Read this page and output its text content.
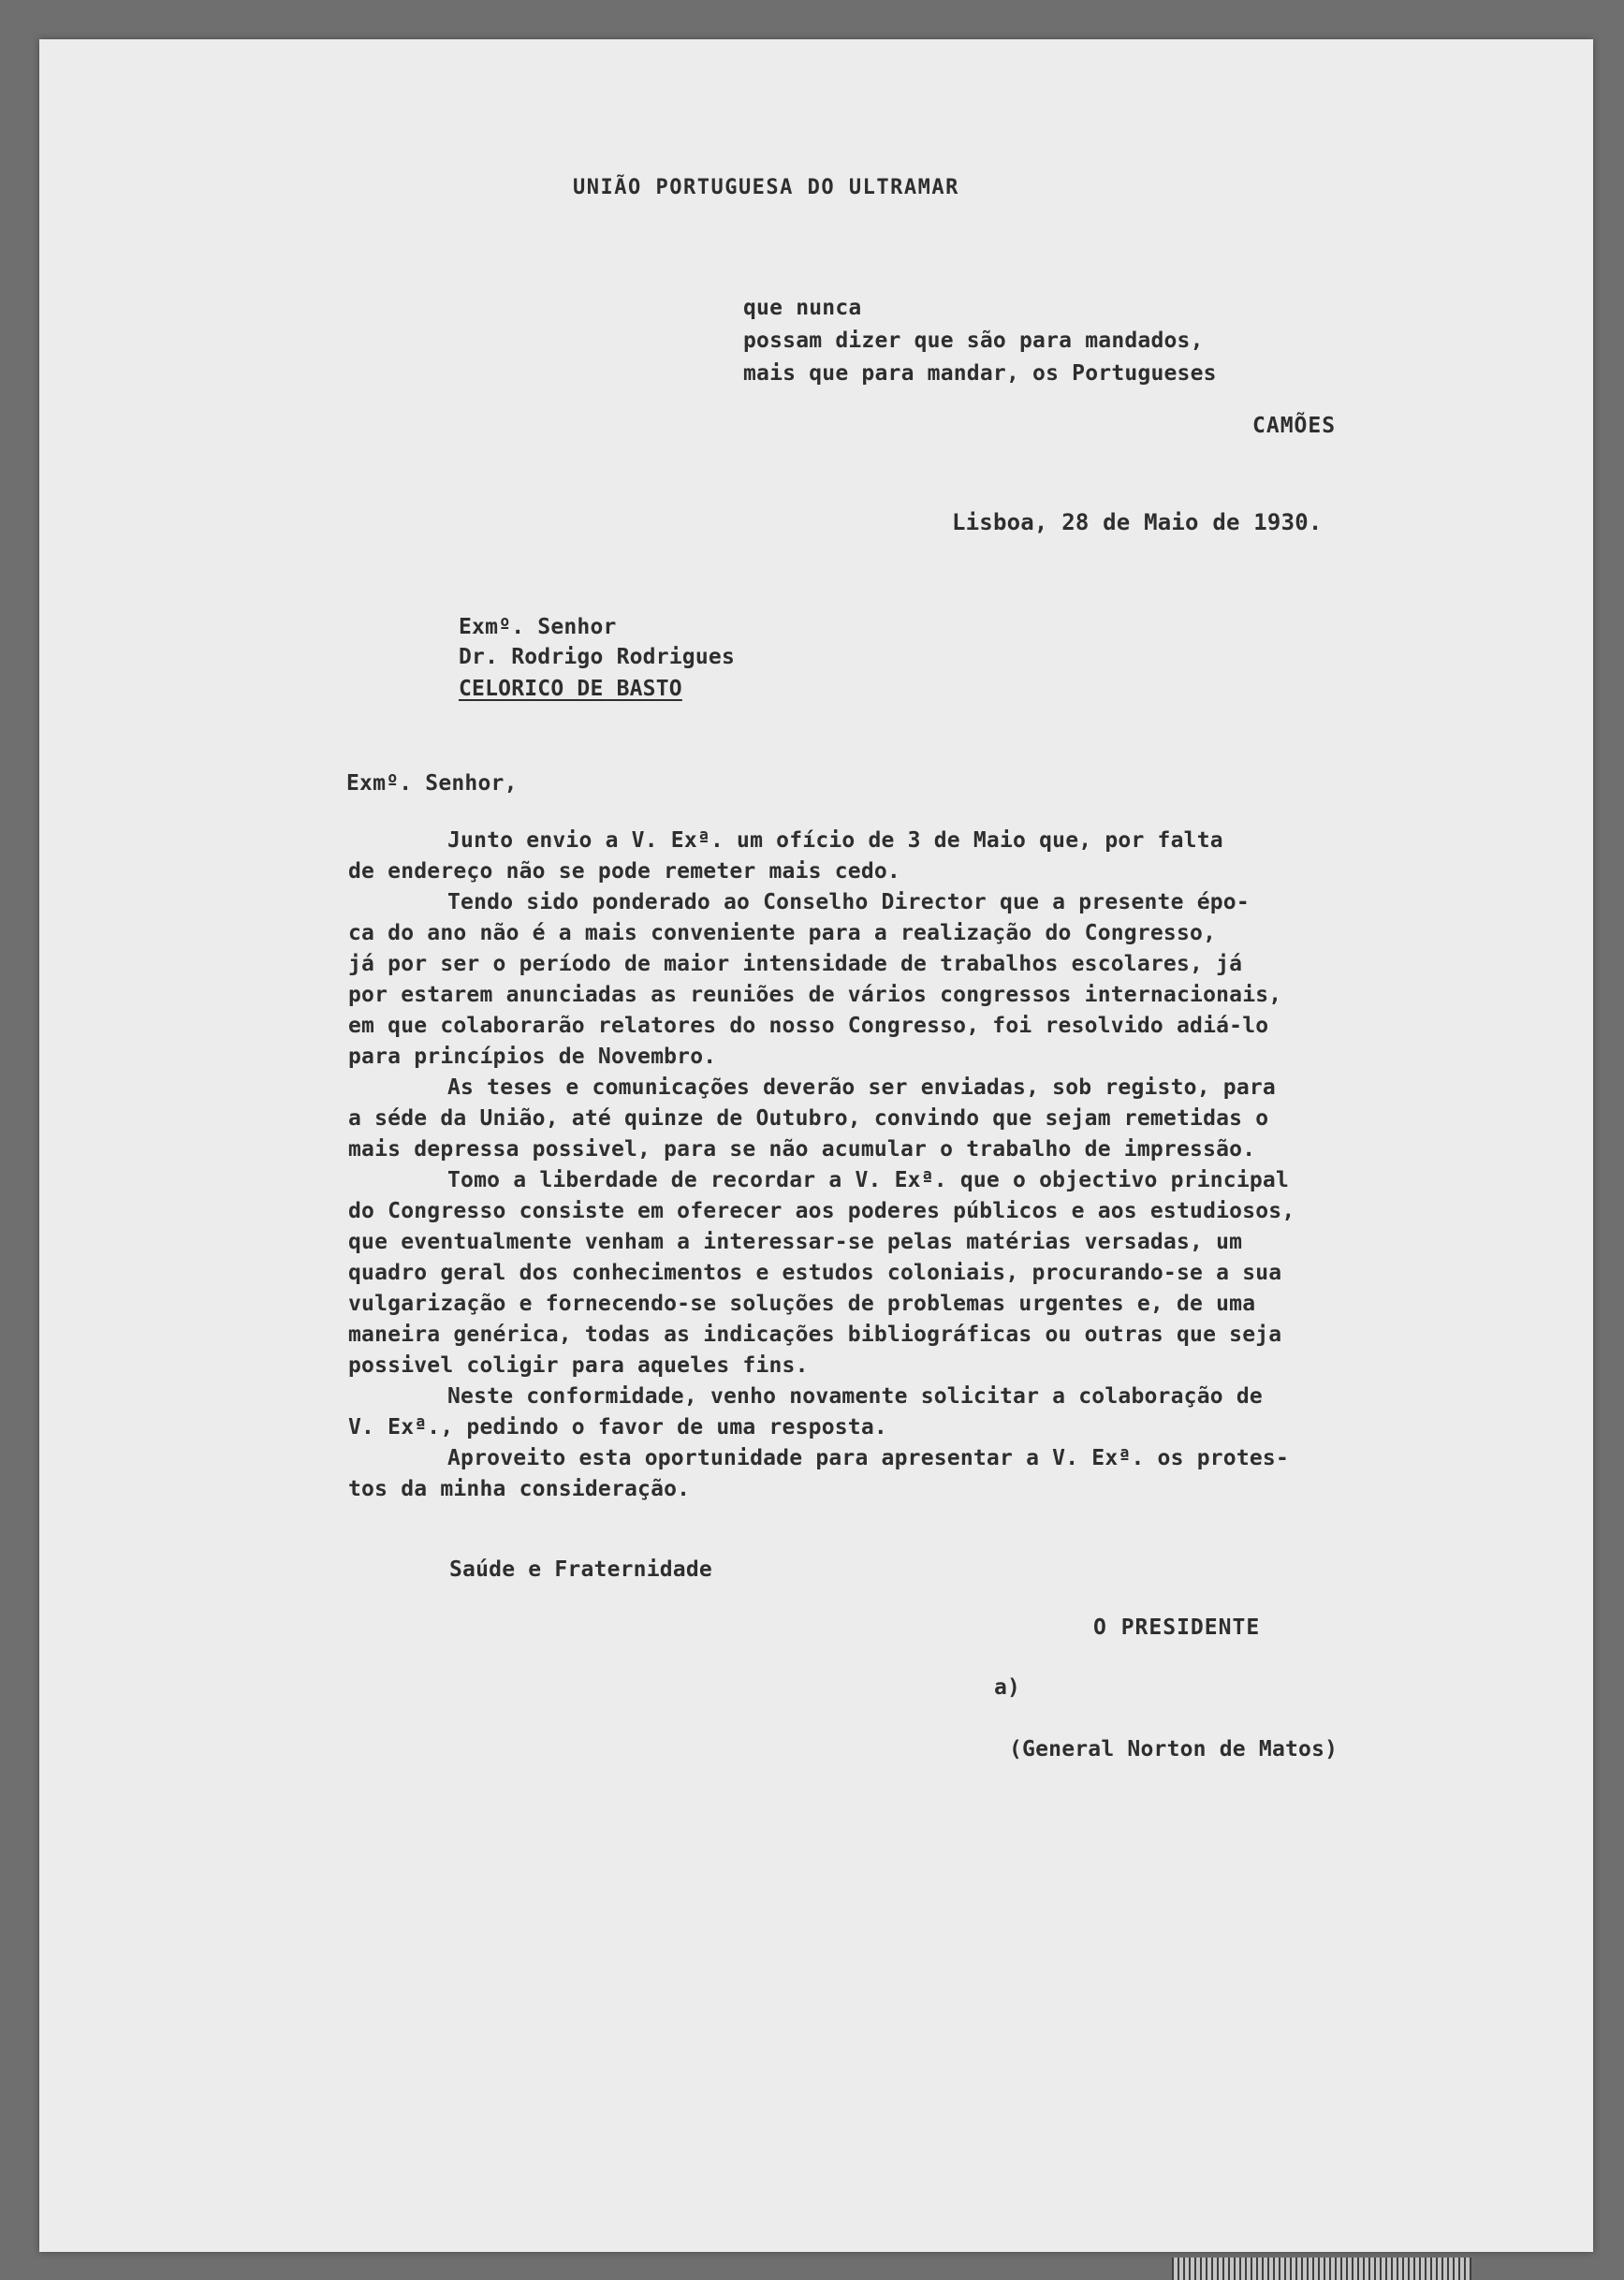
UNIÃO PORTUGUESA DO ULTRAMAR

que nunca

possam dizer que são para mandados,

mais que para mandar, os Portugueses

CAMÕES

Lisboa, 28 de Maio de 1930.

Exmº. Senhor

Dr. Rodrigo Rodrigues

CELORICO DE BASTO

Exmº. Senhor,

Junto envio a V. Exª. um ofício de 3 de Maio que, por falta

de endereço não se pode remeter mais cedo.

Tendo sido ponderado ao Conselho Director que a presente épo-

ca do ano não é a mais conveniente para a realização do Congresso,

já por ser o período de maior intensidade de trabalhos escolares, já

por estarem anunciadas as reuniões de vários congressos internacionais,

em que colaborarão relatores do nosso Congresso, foi resolvido adiá-lo

para princípios de Novembro.

As teses e comunicações deverão ser enviadas, sob registo, para

a séde da União, até quinze de Outubro, convindo que sejam remetidas o

mais depressa possivel, para se não acumular o trabalho de impressão.

Tomo a liberdade de recordar a V. Exª. que o objectivo principal

do Congresso consiste em oferecer aos poderes públicos e aos estudiosos,

que eventualmente venham a interessar-se pelas matérias versadas, um

quadro geral dos conhecimentos e estudos coloniais, procurando-se a sua

vulgarização e fornecendo-se soluções de problemas urgentes e, de uma

maneira genérica, todas as indicações bibliográficas ou outras que seja

possivel coligir para aqueles fins.

Neste conformidade, venho novamente solicitar a colaboração de

V. Exª., pedindo o favor de uma resposta.

Aproveito esta oportunidade para apresentar a V. Exª. os protes-

tos da minha consideração.

Saúde e Fraternidade

O PRESIDENTE

a)

(General Norton de Matos)
